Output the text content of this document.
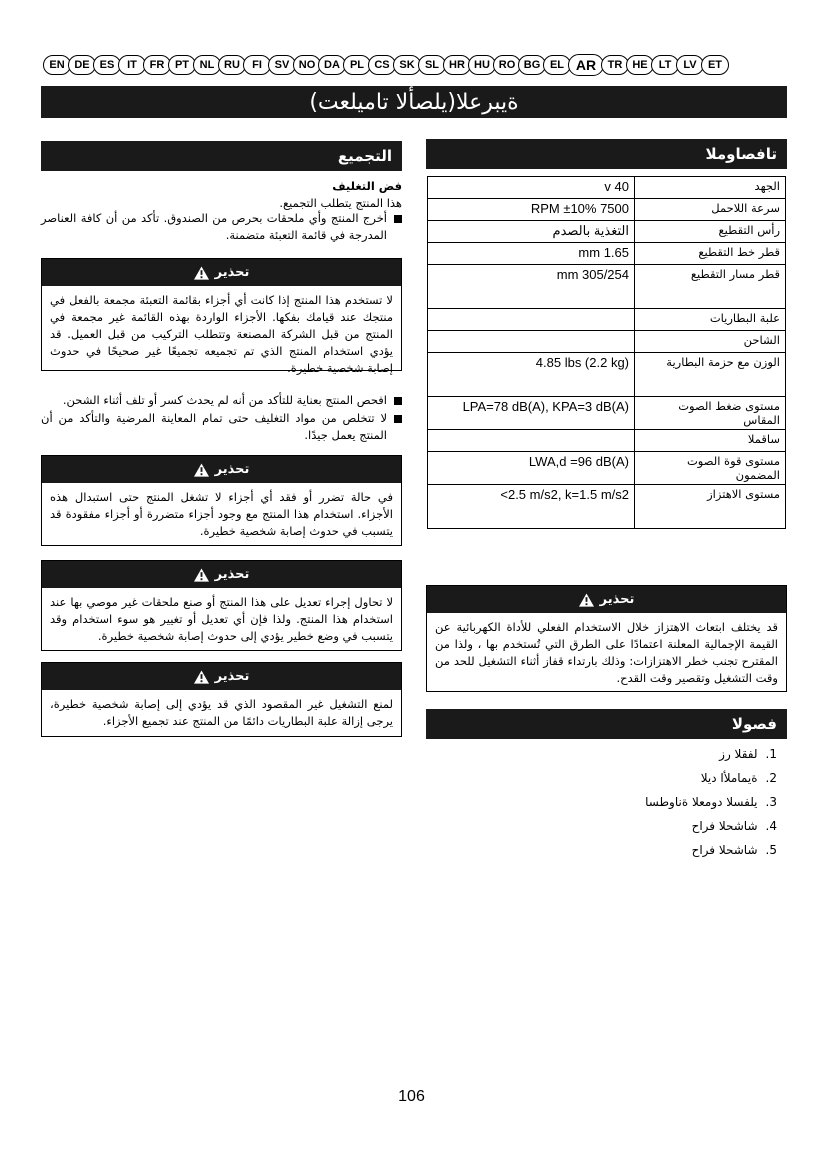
EN DE ES	IT	FR PT NL RU	FI	SV NO DA PL CS SK SL HR HU RO BG EL AR	TR HE	LT	LV	ET
ةيبرعلا(يلصألا تاميلعت)
التجميع
فض التغليف
هذا المنتج يتطلب التجميع.
أخرج المنتج وأي ملحقات بحرص من الصندوق. تأكد من أن كافة العناصر المدرجة في قائمة التعبئة متضمنة.
تحذير
لا تستخدم هذا المنتج إذا كانت أي أجزاء بقائمة التعبئة مجمعة بالفعل في منتجك عند قيامك بفكها. الأجزاء الواردة بهذه القائمة غير مجمعة في المنتج من قبل الشركة المصنعة وتتطلب التركيب من قبل العميل. قد يؤدي استخدام المنتج الذي تم تجميعه تجميعًا غير صحيحًا في حدوث إصابة شخصية خطيرة.
افحص المنتج بعناية للتأكد من أنه لم يحدث كسر أو تلف أثناء الشحن.
لا تتخلص من مواد التغليف حتى تمام المعاينة المرضية والتأكد من أن المنتج يعمل جيدًا.
تحذير
في حالة تضرر أو فقد أي أجزاء لا تشغل المنتج حتى استبدال هذه الأجزاء. استخدام هذا المنتج مع وجود أجزاء متضررة أو أجزاء مفقودة قد يتسبب في حدوث إصابة شخصية خطيرة.
تحذير
لا تحاول إجراء تعديل على هذا المنتج أو صنع ملحقات غير موصي بها عند استخدام هذا المنتج. ولذا فإن أي تعديل أو تغيير هو سوء استخدام وقد يتسبب في وضع خطير يؤدي إلى حدوث إصابة شخصية خطيرة.
تحذير
لمنع التشغيل غير المقصود الذي قد يؤدي إلى إصابة شخصية خطيرة، يرجى إزالة علبة البطاريات دائمًا من المنتج عند تجميع الأجزاء.
تافصاوملا
v 40	الجهد
RPM ±10% 7500	سرعة اللاحمل
التغذية بالصدم	رأس التقطيع
mm 1.65	قطر خط التقطيع
mm 305/254	قطر مسار التقطيع
	علبة البطاريات
	الشاحن
4.85 lbs (2.2 kg)	الوزن مع حزمة البطارية
LPA=78 dB(A), KPA=3 dB(A)	مستوى ضغط الصوت المقاس
	ساقملا
LWA,d =96 dB(A)	مستوى قوة الصوت المضمون
<2.5 m/s2, k=1.5 m/s2	مستوى الاهتزاز
تحذير
قد يختلف ابتعاث الاهتزاز خلال الاستخدام الفعلي للأداة الكهربائية عن القيمة الإجمالية المعلنة اعتمادًا على الطرق التي تُستخدم بها ، ولذا من المقترح تجنب خطر الاهتزازات: وذلك بارتداء قفاز أثناء التشغيل للحد من وقت التشغيل وتقصير وقت القدح.
فصولا
1.لفقلا رز
2.ةيماملأا ديلا
3.يلفسلا دومعلا ةناوطسا
4.شاشحلا فراح
5.شاشحلا فراح
106
